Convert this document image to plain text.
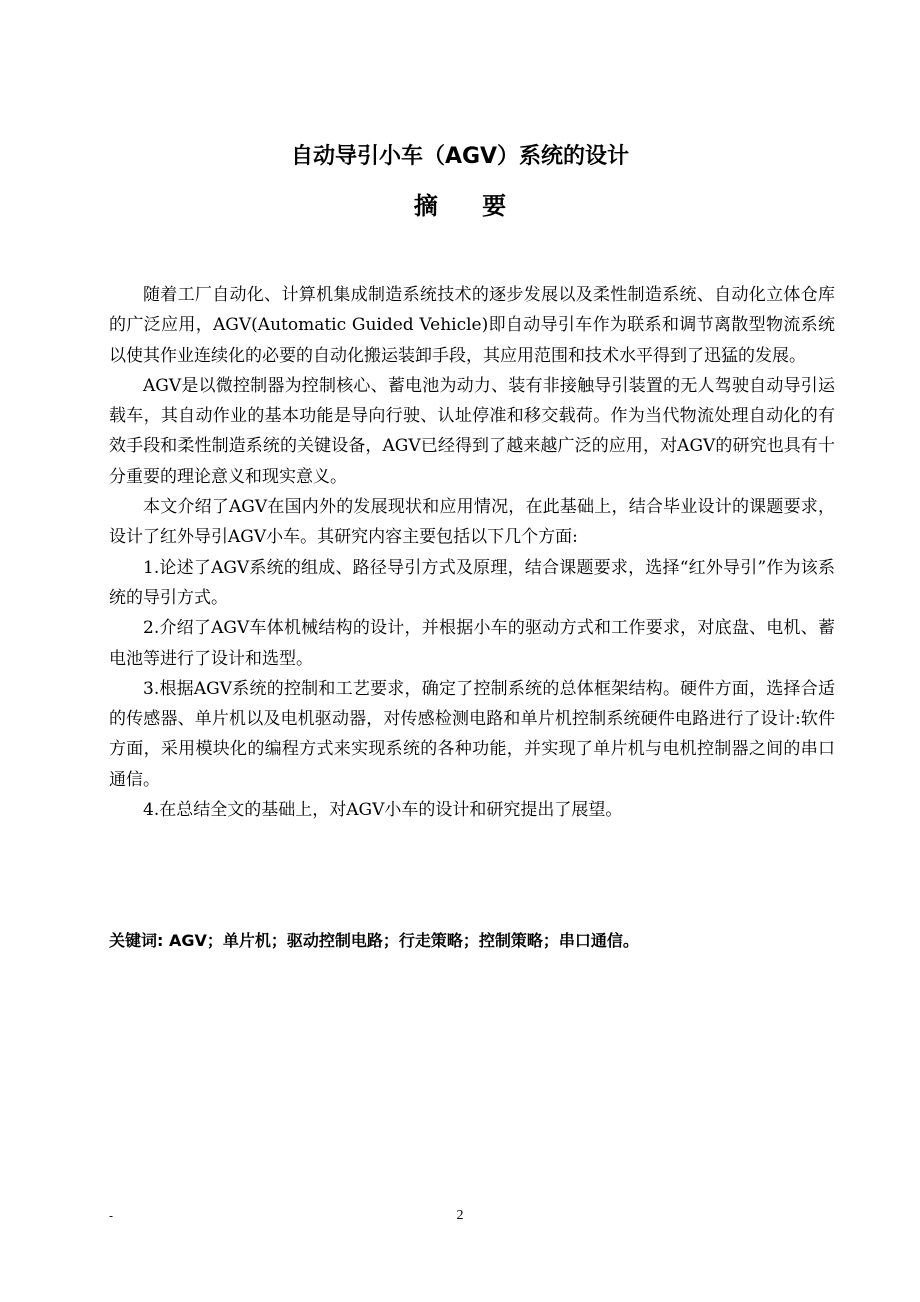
自动导引小车（AGV）系统的设计
摘 要

随着工厂自动化、计算机集成制造系统技术的逐步发展以及柔性制造系统、自动化立体仓库的广泛应用，AGV(Automatic Guided Vehicle)即自动导引车作为联系和调节离散型物流系统以使其作业连续化的必要的自动化搬运装卸手段，其应用范围和技术水平得到了迅猛的发展。

AGV是以微控制器为控制核心、蓄电池为动力、装有非接触导引装置的无人驾驶自动导引运载车，其自动作业的基本功能是导向行驶、认址停准和移交载荷。作为当代物流处理自动化的有效手段和柔性制造系统的关键设备，AGV已经得到了越来越广泛的应用，对AGV的研究也具有十分重要的理论意义和现实意义。

本文介绍了AGV在国内外的发展现状和应用情况，在此基础上，结合毕业设计的课题要求，设计了红外导引AGV小车。其研究内容主要包括以下几个方面:

1.论述了AGV系统的组成、路径导引方式及原理，结合课题要求，选择“红外导引”作为该系统的导引方式。

2.介绍了AGV车体机械结构的设计，并根据小车的驱动方式和工作要求，对底盘、电机、蓄电池等进行了设计和选型。

3.根据AGV系统的控制和工艺要求，确定了控制系统的总体框架结构。硬件方面，选择合适的传感器、单片机以及电机驱动器，对传感检测电路和单片机控制系统硬件电路进行了设计:软件方面，采用模块化的编程方式来实现系统的各种功能，并实现了单片机与电机控制器之间的串口通信。

4.在总结全文的基础上，对AGV小车的设计和研究提出了展望。

关键词: AGV；单片机；驱动控制电路；行走策略；控制策略；串口通信。
-	2
